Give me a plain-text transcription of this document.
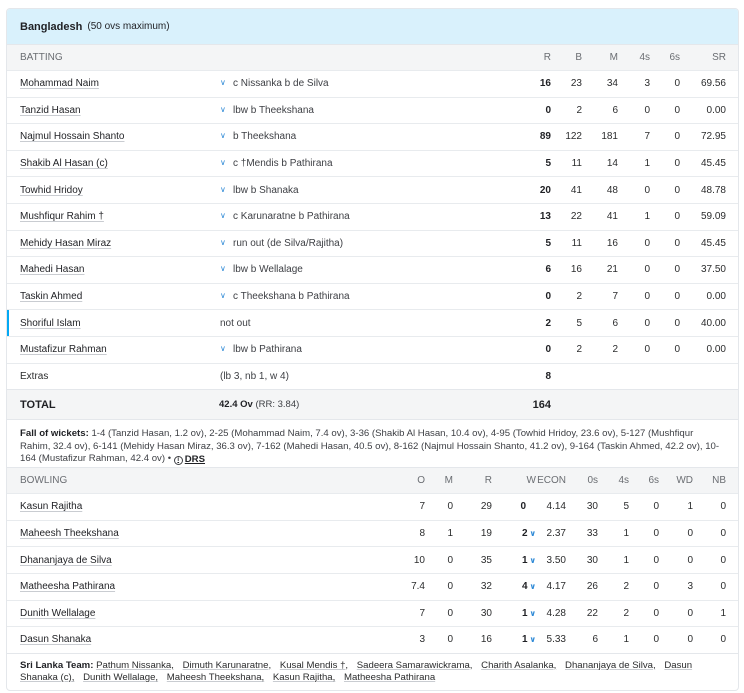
Bangladesh (50 ovs maximum)
BATTING	R B	M 4s 6s	SR
Mohammad Naim	∨ c Nissanka b de Silva	16 23 34	3 0 69.56
Tanzid Hasan	∨ lbw b Theekshana	0	2	6	0 0	0.00
Najmul Hossain Shanto	∨ b Theekshana	89 122 181	7 0 72.95
Shakib Al Hasan (c)	∨ c †Mendis b Pathirana	5 11 14	1 0 45.45
Towhid Hridoy	∨ lbw b Shanaka	20 41 48	0 0 48.78
Mushfiqur Rahim †	∨ c Karunaratne b Pathirana	13 22 41	1 0 59.09
Mehidy Hasan Miraz	∨ run out (de Silva/Rajitha)	5 11 16	0 0 45.45
Mahedi Hasan	∨ lbw b Wellalage	6 16 21	0 0 37.50
Taskin Ahmed	∨ c Theekshana b Pathirana	0	2	7	0 0	0.00
Shoriful Islam	not out	2	5	6	0 0 40.00
Mustafizur Rahman	∨ lbw b Pathirana	0	2	2	0 0	0.00
Extras	(lb 3, nb 1, w 4)	8
TOTAL	42.4 Ov (RR: 3.84)	164
Fall of wickets: 1-4 (Tanzid Hasan, 1.2 ov), 2-25 (Mohammad Naim, 7.4 ov), 3-36 (Shakib Al Hasan, 10.4 ov), 4-95 (Towhid Hridoy, 23.6 ov), 5-127 (Mushfiqur Rahim, 32.4 ov), 6-141 (Mehidy Hasan Miraz, 36.3 ov), 7-162 (Mahedi Hasan, 40.5 ov), 8-162 (Najmul Hossain Shanto, 41.2 ov), 9-164 (Taskin Ahmed, 42.2 ov), 10-164 (Mustafizur Rahman, 42.4 ov) •	i DRS
BOWLING	O M	R	W ECON 0s 4s 6s WD NB
Kasun Rajitha	7 0	29	0 4.14 30	5 0	1	0
Maheesh Theekshana	8 1	19	2 ∨ 2.37 33	1 0	0	0
Dhananjaya de Silva	10 0	35	1 ∨ 3.50 30	1 0	0	0
Matheesha Pathirana	7.4 0	32	4 ∨ 4.17 26	2 0	3	0
Dunith Wellalage	7 0	30	1 ∨ 4.28 22	2 0	0	1
Dasun Shanaka	3 0	16	1 ∨ 5.33	6	1 0	0	0
Sri Lanka Team: Pathum Nissanka, Dimuth Karunaratne, Kusal Mendis †, Sadeera Samarawickrama, Charith Asalanka, Dhananjaya de Silva, Dasun Shanaka (c), Dunith Wellalage, Maheesh Theekshana, Kasun Rajitha, Matheesha Pathirana
